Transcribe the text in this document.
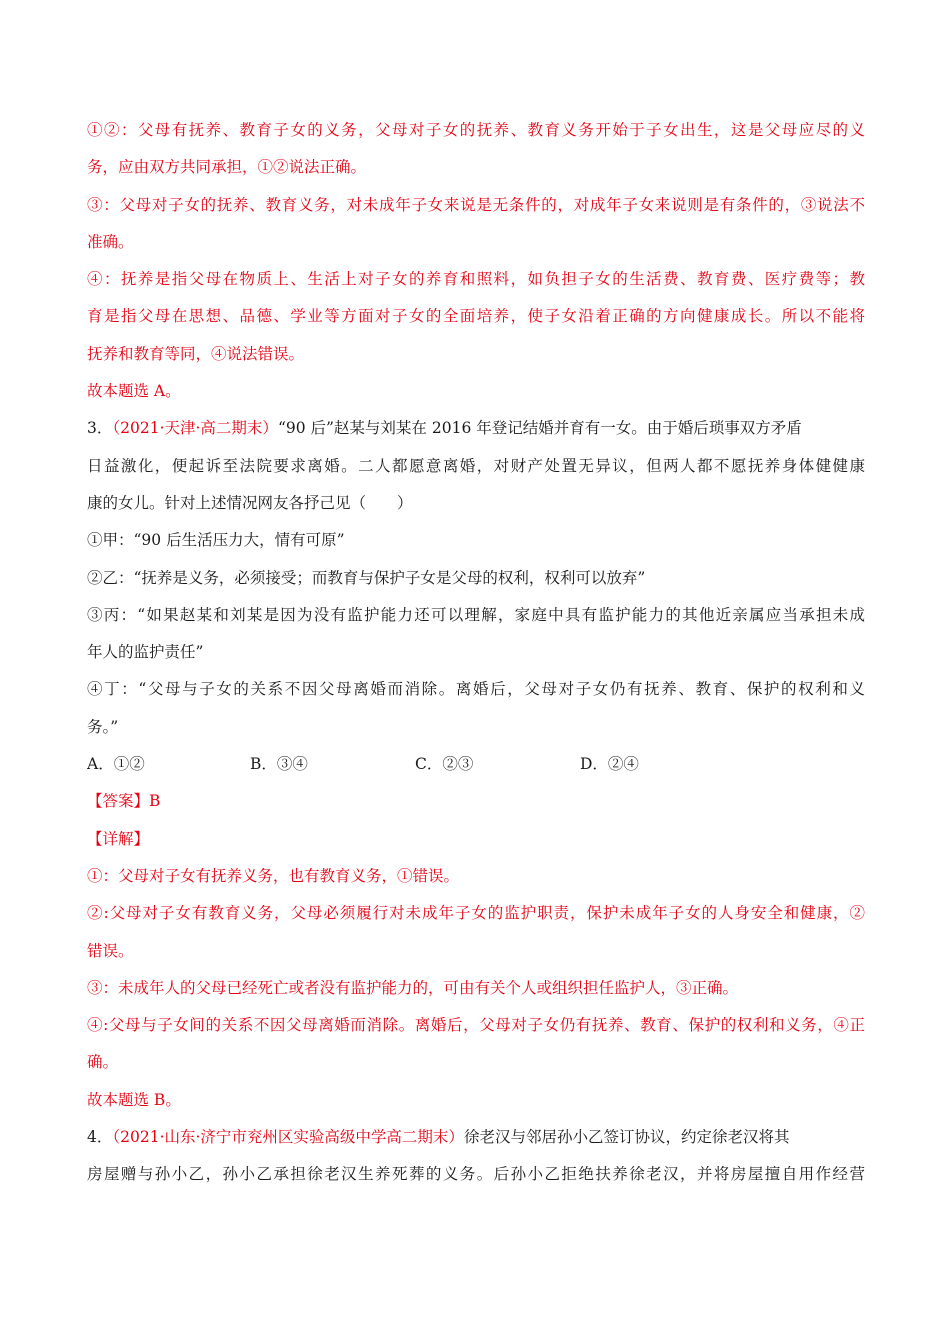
①②：父母有抚养、教育子女的义务，父母对子女的抚养、教育义务开始于子女出生，这是父母应尽的义
务，应由双方共同承担，①②说法正确。
③：父母对子女的抚养、教育义务，对未成年子女来说是无条件的，对成年子女来说则是有条件的，③说法不
准确。
④：抚养是指父母在物质上、生活上对子女的养育和照料，如负担子女的生活费、教育费、医疗费等；教
育是指父母在思想、品德、学业等方面对子女的全面培养，使子女沿着正确的方向健康成长。所以不能将
抚养和教育等同，④说法错误。
故本题选 A。
3．（2021·天津·高二期末）“90 后”赵某与刘某在 2016 年登记结婚并育有一女。由于婚后琐事双方矛盾
日益激化，便起诉至法院要求离婚。二人都愿意离婚，对财产处置无异议，但两人都不愿抚养身体健健康
康的女儿。针对上述情况网友各抒己见（　　）
①甲：“90 后生活压力大，情有可原”
②乙：“抚养是义务，必须接受；而教育与保护子女是父母的权利，权利可以放弃”
③丙：“如果赵某和刘某是因为没有监护能力还可以理解，家庭中具有监护能力的其他近亲属应当承担未成
年人的监护责任”
④丁：“父母与子女的关系不因父母离婚而消除。离婚后，父母对子女仍有抚养、教育、保护的权利和义
务。”
A．①②	B．③④	C．②③	D．②④
【答案】B
【详解】
①：父母对子女有抚养义务，也有教育义务，①错误。
②:父母对子女有教育义务，父母必须履行对未成年子女的监护职责，保护未成年子女的人身安全和健康，②
错误。
③：未成年人的父母已经死亡或者没有监护能力的，可由有关个人或组织担任监护人，③正确。
④:父母与子女间的关系不因父母离婚而消除。离婚后，父母对子女仍有抚养、教育、保护的权利和义务，④正
确。
故本题选 B。
4．（2021·山东·济宁市兖州区实验高级中学高二期末）徐老汉与邻居孙小乙签订协议，约定徐老汉将其
房屋赠与孙小乙，孙小乙承担徐老汉生养死葬的义务。后孙小乙拒绝扶养徐老汉，并将房屋擅自用作经营
